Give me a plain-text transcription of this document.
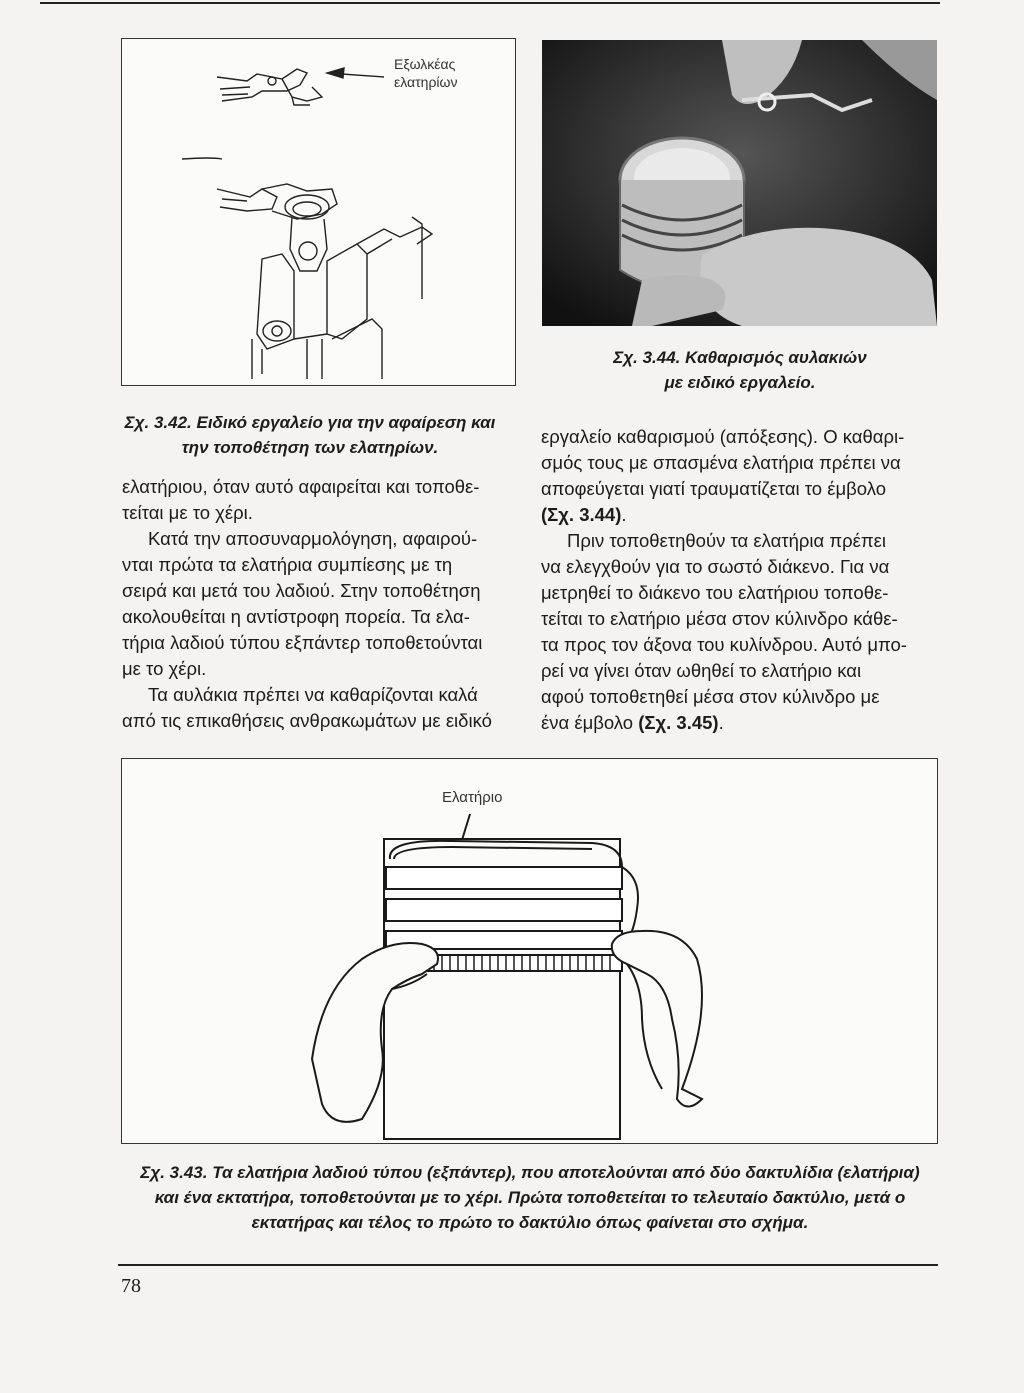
Εξωλκέας
ελατηρίων
Σχ. 3.42. Ειδικό εργαλείο για την αφαίρεση και
την τοποθέτηση των ελατηρίων.
Σχ. 3.44. Καθαρισμός αυλακιών
με ειδικό εργαλείο.

ελατήριου, όταν αυτό αφαιρείται και τοποθε-

τείται με το χέρι.

Κατά την αποσυναρμολόγηση, αφαιρού-

νται πρώτα τα ελατήρια συμπίεσης με τη

σειρά και μετά του λαδιού. Στην τοποθέτηση

ακολουθείται η αντίστροφη πορεία. Τα ελα-

τήρια λαδιού τύπου εξπάντερ τοποθετούνται

με το χέρι.

Τα αυλάκια πρέπει να καθαρίζονται καλά

από τις επικαθήσεις ανθρακωμάτων με ειδικό

εργαλείο καθαρισμού (απόξεσης). Ο καθαρι-

σμός τους με σπασμένα ελατήρια πρέπει να

αποφεύγεται γιατί τραυματίζεται το έμβολο

(Σχ. 3.44).

Πριν τοποθετηθούν τα ελατήρια πρέπει

να ελεγχθούν για το σωστό διάκενο. Για να

μετρηθεί το διάκενο του ελατήριου τοποθε-

τείται το ελατήριο μέσα στον κύλινδρο κάθε-

τα προς τον άξονα του κυλίνδρου. Αυτό μπο-

ρεί να γίνει όταν ωθηθεί το ελατήριο και

αφού τοποθετηθεί μέσα στον κύλινδρο με

ένα έμβολο (Σχ. 3.45).

Ελατήριο
Σχ. 3.43. Τα ελατήρια λαδιού τύπου (εξπάντερ), που αποτελούνται από δύο δακτυλίδια (ελατήρια)
και ένα εκτατήρα, τοποθετούνται με το χέρι. Πρώτα τοποθετείται το τελευταίο δακτύλιο, μετά ο
εκτατήρας και τέλος το πρώτο το δακτύλιο όπως φαίνεται στο σχήμα.
78
